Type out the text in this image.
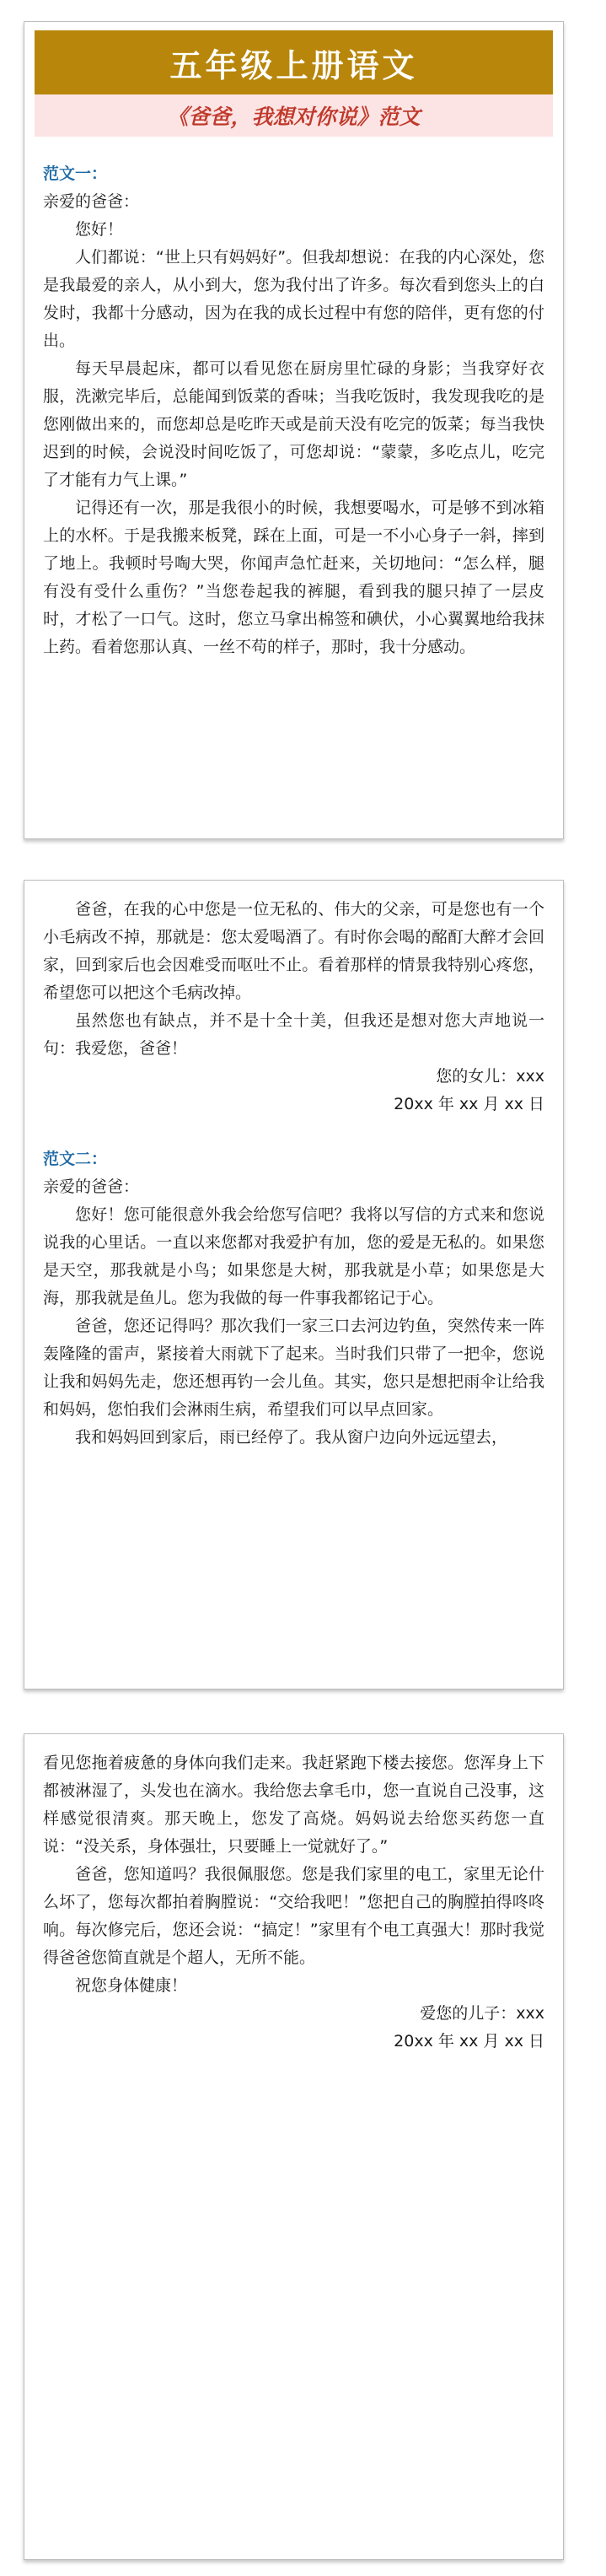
五年级上册语文
《爸爸，我想对你说》范文

范文一：

亲爱的爸爸：

您好！

人们都说：“世上只有妈妈好”。但我却想说：在我的内心深处，您是我最爱的亲人，从小到大，您为我付出了许多。每次看到您头上的白发时，我都十分感动，因为在我的成长过程中有您的陪伴，更有您的付出。

每天早晨起床，都可以看见您在厨房里忙碌的身影；当我穿好衣服，洗漱完毕后，总能闻到饭菜的香味；当我吃饭时，我发现我吃的是您刚做出来的，而您却总是吃昨天或是前天没有吃完的饭菜；每当我快迟到的时候，会说没时间吃饭了，可您却说：“蒙蒙，多吃点儿，吃完了才能有力气上课。”

记得还有一次，那是我很小的时候，我想要喝水，可是够不到冰箱上的水杯。于是我搬来板凳，踩在上面，可是一不小心身子一斜，摔到了地上。我顿时号啕大哭，你闻声急忙赶来，关切地问：“怎么样，腿有没有受什么重伤？”当您卷起我的裤腿，看到我的腿只掉了一层皮时，才松了一口气。这时，您立马拿出棉签和碘伏，小心翼翼地给我抹上药。看着您那认真、一丝不苟的样子，那时，我十分感动。

爸爸，在我的心中您是一位无私的、伟大的父亲，可是您也有一个小毛病改不掉，那就是：您太爱喝酒了。有时你会喝的酩酊大醉才会回家，回到家后也会因难受而呕吐不止。看着那样的情景我特别心疼您，希望您可以把这个毛病改掉。

虽然您也有缺点，并不是十全十美，但我还是想对您大声地说一句：我爱您，爸爸！

您的女儿：xxx

20xx 年 xx 月 xx 日

范文二：

亲爱的爸爸：

您好！您可能很意外我会给您写信吧？我将以写信的方式来和您说说我的心里话。一直以来您都对我爱护有加，您的爱是无私的。如果您是天空，那我就是小鸟；如果您是大树，那我就是小草；如果您是大海，那我就是鱼儿。您为我做的每一件事我都铭记于心。

爸爸，您还记得吗？那次我们一家三口去河边钓鱼，突然传来一阵轰隆隆的雷声，紧接着大雨就下了起来。当时我们只带了一把伞，您说让我和妈妈先走，您还想再钓一会儿鱼。其实，您只是想把雨伞让给我和妈妈，您怕我们会淋雨生病，希望我们可以早点回家。

我和妈妈回到家后，雨已经停了。我从窗户边向外远远望去，

看见您拖着疲惫的身体向我们走来。我赶紧跑下楼去接您。您浑身上下都被淋湿了，头发也在滴水。我给您去拿毛巾，您一直说自己没事，这样感觉很清爽。那天晚上，您发了高烧。妈妈说去给您买药您一直说：“没关系，身体强壮，只要睡上一觉就好了。”

爸爸，您知道吗？我很佩服您。您是我们家里的电工，家里无论什么坏了，您每次都拍着胸膛说：“交给我吧！”您把自己的胸膛拍得咚咚响。每次修完后，您还会说：“搞定！”家里有个电工真强大！那时我觉得爸爸您简直就是个超人，无所不能。

祝您身体健康！

爱您的儿子：xxx

20xx 年 xx 月 xx 日
